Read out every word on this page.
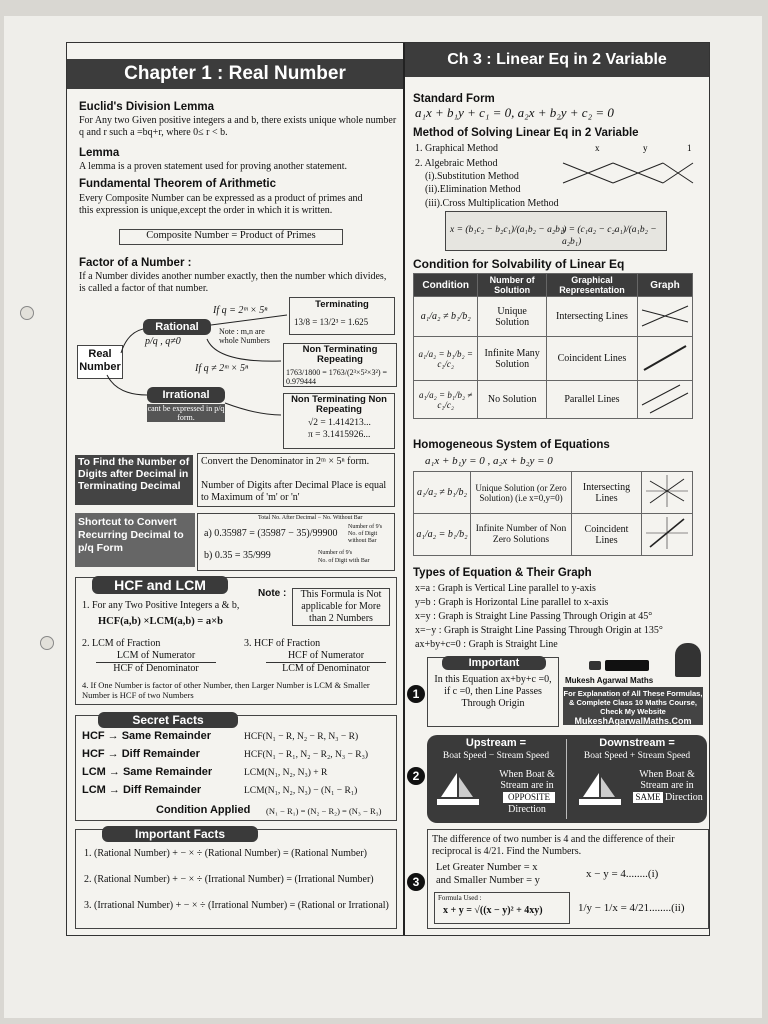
Chapter 1 : Real Number
Euclid's Division Lemma
For Any two Given positive integers a and b, there exists unique whole number q and r such a =bq+r, where 0≤ r < b.
Lemma
A lemma is a proven statement used for proving another statement.
Fundamental Theorem of Arithmetic
Every Composite Number can be expressed as a product of primes and this expression is unique,except the order in which it is written.
Composite Number = Product of Primes
Factor of a Number :
If a Number divides another number exactly, then the number which divides, is called a factor of that number.
Real Number
Rational
p/q , q≠0
Irrational
cant be expressed in p/q form.
If q = 2ᵐ × 5ⁿ
Note : m,n are whole Numbers
Terminating
13/8 = 13/2³ = 1.625
If q ≠ 2ᵐ × 5ⁿ
Non Terminating Repeating
1763/1800 = 1763/(2³×5²×3²) = 0.979444
Non Terminating Non Repeating
√2 = 1.414213...
π = 3.1415926...
To Find the Number of Digits after Decimal in Terminating Decimal
Convert the Denominator in 2ᵐ × 5ⁿ form.
Number of Digits after Decimal Place is equal to Maximum of 'm' or 'n'
Shortcut to Convert Recurring Decimal to p/q Form
Total No. After Decimal − No. Without Bar
a) 0.35987 = (35987 − 35)/99900
Number of 9's
No. of Digit without Bar
b) 0.35 = 35/999	Number of 9's
No. of Digit with Bar
HCF and LCM
1. For any Two Positive Integers a & b,
HCF(a,b) ×LCM(a,b) = a×b
Note :	This Formula is Not applicable for More than 2 Numbers
2. LCM of Fraction
LCM of Numerator
HCF of Denominator
3. HCF of Fraction
HCF of Numerator
LCM of Denominator
4. If One Number is factor of other Number, then Larger Number is LCM & Smaller Number is HCF of two Numbers
Secret Facts
HCF → Same Remainder	HCF(N₁ − R, N₂ − R, N₃ − R)
HCF → Diff Remainder	HCF(N₁ − R₁, N₂ − R₂, N₃ − R₃)
LCM → Same Remainder	LCM(N₁, N₂, N₃) + R
LCM → Diff Remainder	LCM(N₁, N₂, N₃) − (N₁ − R₁)
Condition Applied (N₁ − R₁) = (N₂ − R₂) = (N₃ − R₃)
Important Facts
1. (Rational Number) + − × ÷ (Rational Number) = (Rational Number)
2. (Rational Number) + − × ÷ (Irrational Number) = (Irrational Number)
3. (Irrational Number) + − × ÷ (Irrational Number) = (Rational or Irrational)
Ch 3 : Linear Eq in 2 Variable
Standard Form
a₁x + b₁y + c₁ = 0, a₂x + b₂y + c₂ = 0
Method of Solving Linear Eq in 2 Variable
1. Graphical Method
2. Algebraic Method
(i).Substitution Method
(ii).Elimination Method
(iii).Cross Multiplication Method
x	y	1
x = (b₁c₂ − b₂c₁)/(a₁b₂ − a₂b₁)
y = (c₁a₂ − c₂a₁)/(a₁b₂ − a₂b₁)
Condition for Solvability of Linear Eq
Condition	Number of Solution	Graphical Representation	Graph
a₁/a₂ ≠ b₁/b₂	Unique Solution	Intersecting Lines	
a₁/a₂ = b₁/b₂ = c₁/c₂	Infinite Many Solution	Coincident Lines	
a₁/a₂ = b₁/b₂ ≠ c₁/c₂	No Solution	Parallel Lines	
Homogeneous System of Equations
a₁x + b₁y = 0 , a₂x + b₂y = 0
a₁/a₂ ≠ b₁/b₂	Unique Solution (or Zero Solution) (i.e x=0,y=0)	Intersecting Lines	
a₁/a₂ = b₁/b₂	Infinite Number of Non Zero Solutions	Coincident Lines	
Types of Equation & Their Graph
x=a : Graph is Vertical Line parallel to y-axis
y=b : Graph is Horizontal Line parallel to x-axis
x=y : Graph is Straight Line Passing Through Origin at 45°
x=−y : Graph is Straight Line Passing Through Origin at 135°
ax+by+c=0 : Graph is Straight Line
Important
In this Equation ax+by+c =0, if c =0, then Line Passes Through Origin
1
Mukesh Agarwal Maths
For Explanation of All These Formulas, & Complete Class 10 Maths Course, Check My Website
MukeshAgarwalMaths.Com
Upstream =
Boat Speed − Stream Speed
Downstream =
Boat Speed + Stream Speed
When Boat &
Stream are in
OPPOSITE
Direction
When Boat &
Stream are in
SAME Direction
2
The difference of two number is 4 and the difference of their reciprocal is 4/21. Find the Numbers.
Let Greater Number = x
and Smaller Number = y
x − y = 4........(i)
Formula Used :
x + y = √((x − y)² + 4xy)	1/y − 1/x = 4/21........(ii)
3
